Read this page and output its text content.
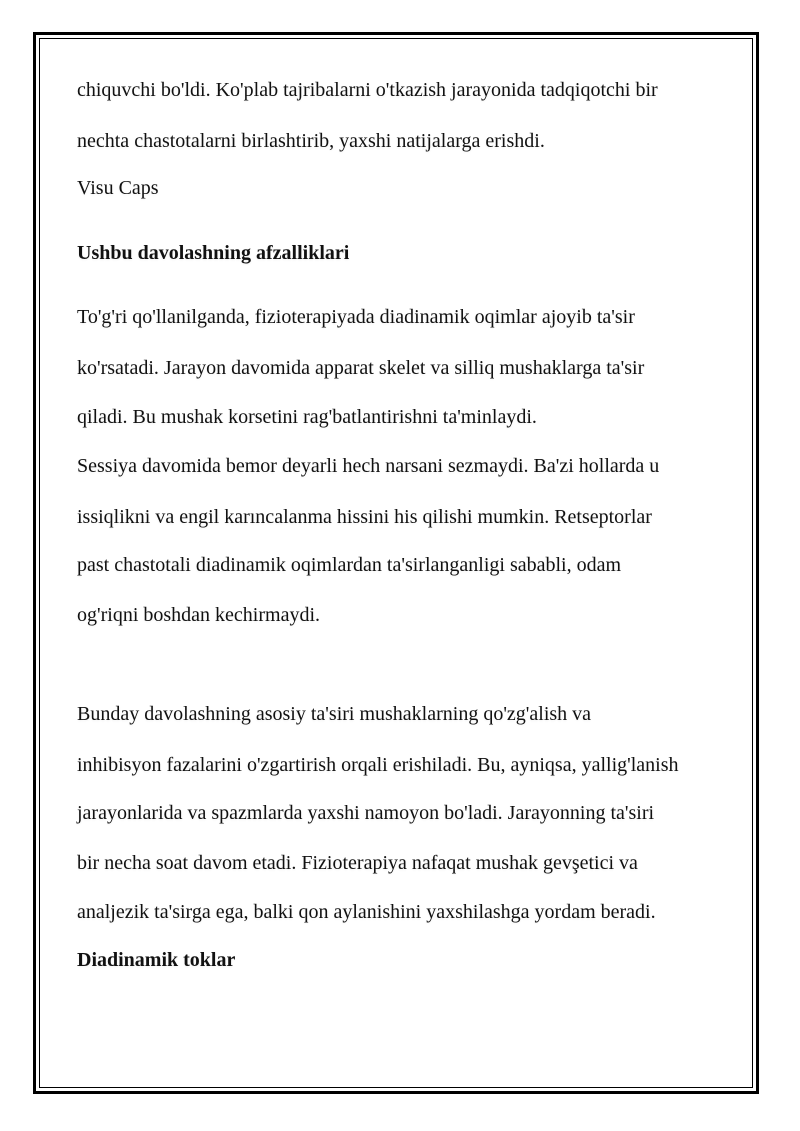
chiquvchi bo'ldi. Ko'plab tajribalarni o'tkazish jarayonida tadqiqotchi bir

nechta chastotalarni birlashtirib, yaxshi natijalarga erishdi.

Visu Caps

Ushbu davolashning afzalliklari

To'g'ri qo'llanilganda, fizioterapiyada diadinamik oqimlar ajoyib ta'sir

ko'rsatadi. Jarayon davomida apparat skelet va silliq mushaklarga ta'sir

qiladi. Bu mushak korsetini rag'batlantirishni ta'minlaydi.

Sessiya davomida bemor deyarli hech narsani sezmaydi. Ba'zi hollarda u

issiqlikni va engil karıncalanma hissini his qilishi mumkin. Retseptorlar

past chastotali diadinamik oqimlardan ta'sirlanganligi sababli, odam

og'riqni boshdan kechirmaydi.

Bunday davolashning asosiy ta'siri mushaklarning qo'zg'alish va

inhibisyon fazalarini o'zgartirish orqali erishiladi. Bu, ayniqsa, yallig'lanish

jarayonlarida va spazmlarda yaxshi namoyon bo'ladi. Jarayonning ta'siri

bir necha soat davom etadi. Fizioterapiya nafaqat mushak gevşetici va

analjezik ta'sirga ega, balki qon aylanishini yaxshilashga yordam beradi.

Diadinamik toklar
